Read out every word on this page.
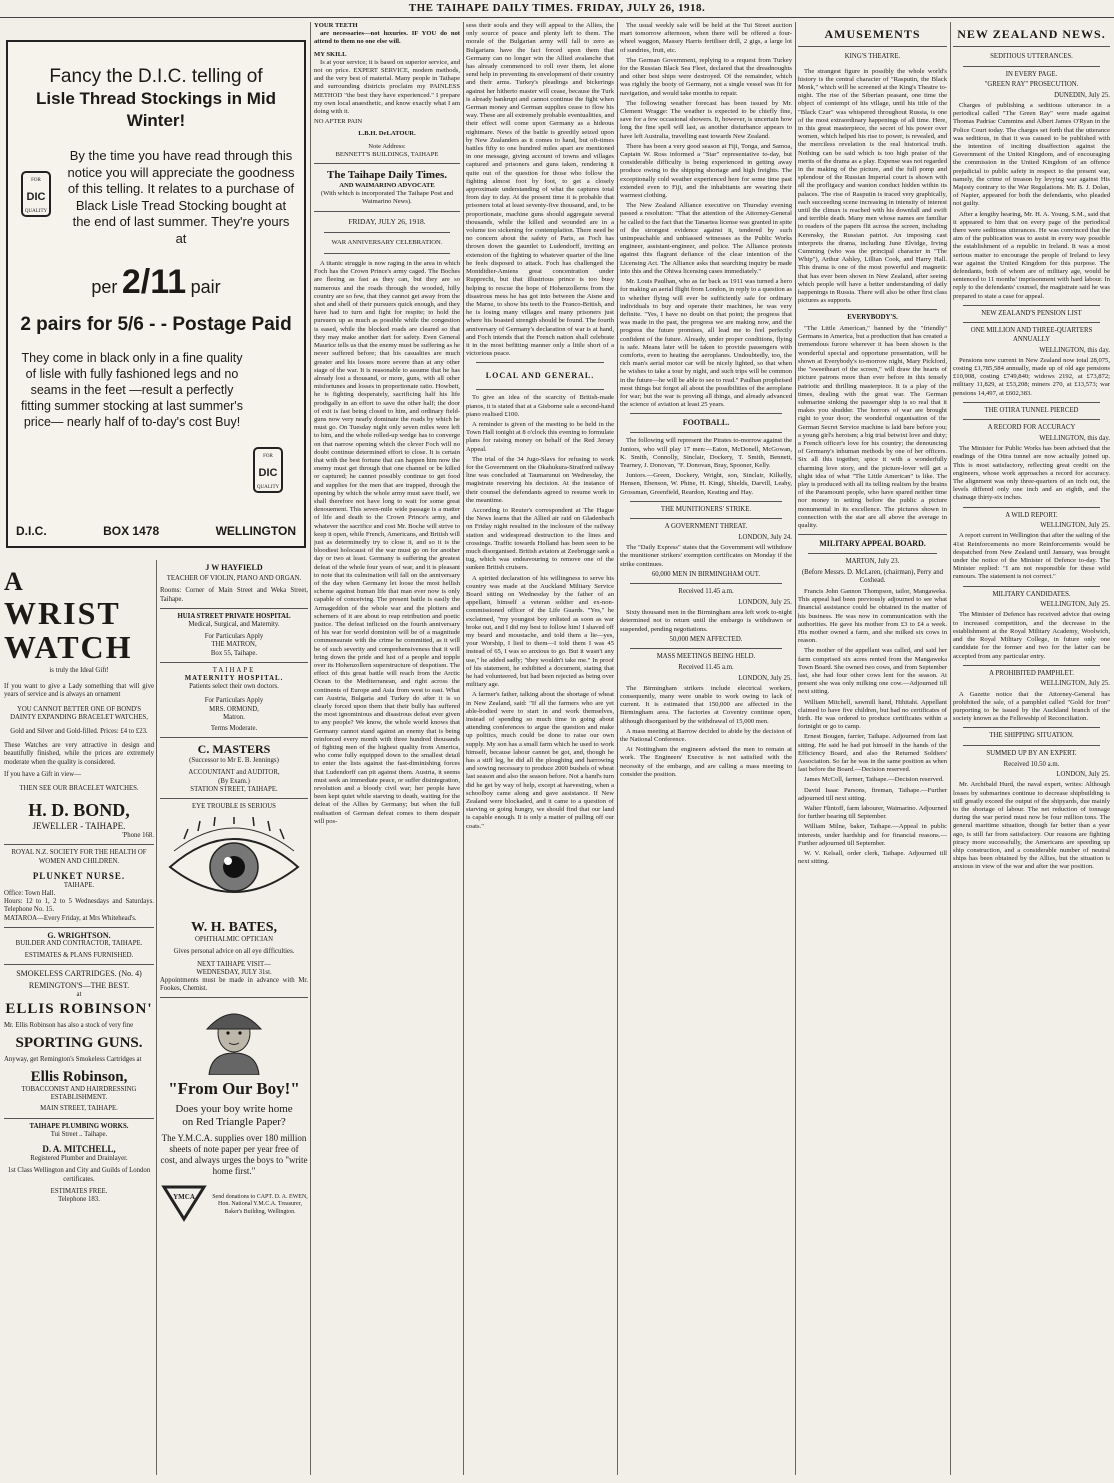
THE TAIHAPE DAILY TIMES. FRIDAY, JULY 26, 1918.
Fancy the D.I.C. telling of
Lisle Thread Stockings in Mid Winter!
DIC
FOR
QUALITY
By the time you have read through this notice you will appreciate the goodness of this telling. It relates to a purchase of Black Lisle Tread Stocking bought at the end of last summer. They're yours at
per 2/11 pair
2 pairs for 5/6 - - Postage Paid
They come in black only in a fine quality of lisle with fully fashioned legs and no seams in the feet —result a perfectly fitting summer stocking at last summer's price— nearly half of to-day's cost Buy!
DIC
FOR
QUALITY
D.I.C.	BOX 1478	WELLINGTON
A
WRIST
WATCH
is truly the Ideal Gift!

If you want to give a Lady something that will give years of service and is always an ornament

YOU CANNOT BETTER ONE OF BOND'S DAINTY EXPANDING BRACELET WATCHES,
Gold and Silver and Gold-filled. Prices: £4 to £23.

These Watches are very attractive in design and beautifully finished, while the prices are extremely moderate when the quality is considered.

If you have a Gift in view—

THEN SEE OUR BRACELET WATCHES.
H. D. BOND,
JEWELLER - TAIHAPE.
'Phone 168.
ROYAL N.Z. SOCIETY FOR THE HEALTH OF WOMEN AND CHILDREN.
PLUNKET NURSE.
TAIHAPE.
Office: Town Hall.
Hours: 12 to 1, 2 to 5 Wednesdays and Saturdays. Telephone No. 15.
MATAROA—Every Friday, at Mrs Whitehead's.
G. WRIGHTSON.
BUILDER AND CONTRACTOR, TAIHAPE.
ESTIMATES & PLANS FURNISHED.
SMOKELESS CARTRIDGES. (No. 4)
REMINGTON'S—THE BEST.
at
ELLIS ROBINSON'

Mr. Ellis Robinson has also a stock of very fine

SPORTING GUNS.

Anyway, get Remington's Smokeless Cartridges at

Ellis Robinson,
TOBACCONIST AND HAIRDRESSING ESTABLISHMENT.
MAIN STREET, TAIHAPE.
TAIHAPE PLUMBING WORKS.
Tui Street .. Taihape.
D. A. MITCHELL,
Registered Plumber and Drainlayer.
1st Class Wellington and City and Guilds of London certificates.
ESTIMATES FREE.
Telephone 183.
J W HAYFIELD
TEACHER OF VIOLIN, PIANO AND ORGAN.

Rooms: Corner of Main Street and Weka Street, Taihape.

HUIA STREET PRIVATE HOSPITAL
Medical, Surgical, and Maternity.
For Particulars Apply
THE MATRON,
Box 55, Taihape.
TAIHAPE
MATERNITY HOSPITAL.
Patients select their own doctors.
For Particulars Apply
MRS. ORMOND,
Matron.
Terms Moderate.
C. MASTERS
(Successor to Mr E. B. Jennings)
ACCOUNTANT and AUDITOR,
(By Exam.)
STATION STREET, TAIHAPE.
EYE TROUBLE IS SERIOUS
W. H. BATES,
OPHTHALMIC OPTICIAN
Gives personal advice on all eye difficulties.
NEXT TAIHAPE VISIT—
WEDNESDAY, JULY 31st.

Appointments must be made in advance with Mr. Fookes, Chemist.

"From Our Boy!"
Does your boy write home on Red Triangle Paper?
The Y.M.C.A. supplies over 180 million sheets of note paper per year free of cost, and always urges the boys to "write home first."
YMCA	Send donations to CAPT. D. A. EWEN, Hon. National Y.M.C.A. Treasurer, Baker's Building, Wellington.
YOUR TEETH

are necessaries—not luxuries. IF YOU do not attend to them no one else will.

MY SKILL

Is at your service; it is based on superior service, and not on price. EXPERT SERVICE, modern methods, and the very best of material. Many people in Taihape and surrounding districts proclaim my PAINLESS METHOD "the best they have experienced." I prepare my own local anaesthetic, and know exactly what I am doing with it.

NO AFTER PAIN
L.B.H. DeLATOUR.
Note Address:
BENNETT'S BUILDINGS, TAIHAPE
The Taihape Daily Times.
AND WAIMARINO ADVOCATE
(With which is incorporated The Taihape Post and Waimarino News).
FRIDAY, JULY 26, 1918.
WAR ANNIVERSARY CELEBRATION.

A titanic struggle is now raging in the area in which Foch has the Crown Prince's army caged. The Boches are fleeing as fast as they can, but they are so numerous and the roads through the wooded, hilly country are so few, that they cannot get away from the shot and shell of their pursuers quick enough, and they have had to turn and fight for respite; to hold the pursuers up as much as possible while the congestion is eased, while the blocked roads are cleared so that they may make another dart for safety. Even General Maurice tells us that the enemy must be suffering as he never suffered before; that his casualties are much greater and his losses more severe than at any other stage of the war. It is reasonable to assume that he has already lost a thousand, or more, guns, with all other misfortunes and losses in proportionate ratio. Howbeit, he is fighting desperately, sacrificing half his life prodigally in an effort to save the other half; the door of exit is fast being closed to him, and ordinary field-guns now very nearly dominate the roads by which he must go. On Tuesday night only seven miles were left to him, and the whole rolled-up wedge has to converge on that narrow opening which the clever Foch will no doubt continue determined effort to close. It is certain that with the best fortune that can happen him now the enemy must get through that one channel or be killed or captured; he cannot possibly continue to get food and supplies for the men that are trapped, through the opening by which the whole army must save itself, we shall therefore not have long to wait for some great denouement. This seven-mile wide passage is a matter of life and death to the Crown Prince's army, and whatever the sacrifice and cost Mr. Boche will strive to keep it open, while French, Americans, and British will just as determinedly try to close it, and so it is the bloodiest holocaust of the war must go on for another day or two at least. Germany is suffering the greatest defeat of the whole four years of war, and it is pleasant to note that its culmination will fall on the anniversary of the day when Germany let loose the most hellish scheme against human life that man ever now is only capable of conceiving. The present battle is easily the Armageddon of the whole war and the plotters and schemers of it are about to reap retribution and poetic justice. The defeat inflicted on the fourth anniversary of his war for world dominion will be of a magnitude commensurate with the crime he committed, as it will be of such severity and comprehensiveness that it will bring down the pride and lust of a people and topple over its Hohenzollern superstructure of despotism. The effect of this great battle will reach from the Arctic Ocean to the Mediterranean, and right across the continents of Europe and Asia from west to east. What can Austria, Bulgaria and Turkey do after it is so clearly forced upon them that their bully has suffered the most ignominious and disastrous defeat ever given to any people? We know, the whole world knows that Germany cannot stand against an enemy that is being reinforced every month with three hundred thousands of fighting men of the highest quality from America, who come fully equipped down to the smallest detail to enter the lists against the fast-diminishing forces that Ludendorff can pit against them. Austria, it seems must seek an immediate peace, or suffer disintegration, revolution and a bloody civil war; her people have been kept quiet while starving to death, waiting for the defeat of the Allies by Germany; but when the full realisation of German defeat comes to them despair will pos-

sess their souls and they will appeal to the Allies, the only source of peace and plenty left to them. The morale of the Bulgarian army will fall to zero as Bulgarians have the fact forced upon them that Germany can no longer win the Allied avalanche that has already commenced to roll over them, let alone send help in preventing its envelopment of their country and their arms. Turkey's pleadings and bickerings against her hitherto master will cease, because the Turk is already bankrupt and cannot continue the fight when German money and German supplies cease to flow his way. These are all extremely probable eventualities, and their effect will come upon Germany as a hideous nightmare. News of the battle is greedily seized upon by New Zealanders as it comes to hand, but oft-times battles fifty to one hundred miles apart are mentioned in one message, giving account of towns and villages captured and prisoners and guns taken, rendering it quite out of the question for those who follow the fighting almost foot by foot, to get a closely approximate understanding of what the captures total from day to day. At the present time it is probable that prisoners total at least seventy-five thousand, and, to be proportionate, machine guns should aggregate several thousands, while the killed and wounded are in a volume too sickening for contemplation. There need be no concern about the safety of Paris, as Foch has thrown down the gauntlet to Ludendorff, inviting an extension of the fighting to whatever quarter of the line he feels disposed to attack. Foch has challenged the Montdidier-Amiens great concentration under Rupprecht, but that illustrious prince is too busy helping to rescue the hope of Hohenzollerns from the disastrous mess he has got into between the Aisne and the Marne, to show his teeth to the Franco-British, and he is losing many villages and many prisoners just where his boasted strength should be found. The fourth anniversary of Germany's declaration of war is at hand, and Foch intends that the French nation shall celebrate it in the most befitting manner only a little short of a victorious peace.

LOCAL AND GENERAL.

To give an idea of the scarcity of British-made pianos, it is stated that at a Gisborne sale a second-hand piano realised £100.

A reminder is given of the meeting to be held in the Town Hall tonight at 8 o'clock this evening to formulate plans for raising money on behalf of the Red Jersey Appeal.

The trial of the 34 Jugo-Slavs for refusing to work for the Government on the Okahukura-Stratford railway line was concluded at Taumarunui on Wednesday, the magistrate reserving his decision. At the instance of their counsel the defendants agreed to resume work in the meantime.

According to Reuter's correspondent at The Hague the News learns that the Allied air raid on Gladenbach on Friday night resulted in the inclosure of the railway station and widespread destruction to the lines and crossings. Traffic towards Holland has been seen to be much disorganised. British aviators at Zeebrugge sank a tug, which was endeavouring to remove one of the sunken British cruisers.

A spirited declaration of his willingness to serve his country was made at the Auckland Military Service Board sitting on Wednesday by the father of an appellant, himself a veteran soldier and ex-non-commissioned officer of the Life Guards. "Yes," he exclaimed, "my youngest boy enlisted as soon as war broke out, and I did my best to follow him! I shaved off my beard and moustache, and told them a lie—yes, your Worship, I lied to them—I told them I was 45 instead of 65, I was so anxious to go. But it wasn't any use," he added sadly; "they wouldn't take me." In proof of his statement, he exhibited a document, stating that he had volunteered, but had been rejected as being over military age.

A farmer's father, talking about the shortage of wheat in New Zealand, said: "If all the farmers who are yet able-bodied were to start in and work themselves, instead of spending so much time in going about attending conferences to argue the question and make up politics, much could be done to raise our own supply. My son has a small farm which he used to work himself, because labour cannot be got, and, though he has a stiff leg, he did all the ploughing and harrowing and sowing necessary to produce 2000 bushels of wheat last season and also the season before. Not a hand's turn did he get by way of help, except at harvesting, when a schoolboy came along and gave assistance. If New Zealand were blockaded, and it came to a question of starving or going hungry, we should find that our land is capable enough. It is only a matter of pulling off our coats."

The usual weekly sale will be held at the Tui Street auction mart tomorrow afternoon, when there will be offered a four-wheel waggon, Massey Harris fertiliser drill, 2 gigs, a large lot of sundries, fruit, etc.

The German Government, replying to a request from Turkey for the Russian Black Sea Fleet, declared that the dreadnoughts and other best ships were destroyed. Of the remainder, which was rightly the booty of Germany, not a single vessel was fit for navigation, and would take months to repair.

The following weather forecast has been issued by Mr. Clement Wragge: The weather is expected to be chiefly fine, save for a few occasional showers. It, however, is uncertain how long the fine spell will last, as another disturbance appears to have left Australia, travelling east towards New Zealand.

There has been a very good season at Fiji, Tonga, and Samoa, Captain W. Ross informed a "Star" representative to-day, but considerable difficulty is being experienced in getting away produce owing to the shipping shortage and high freights. The exceptionally cold weather experienced here for some time past extended even to Fiji, and the inhabitants are wearing their warmest clothing.

The New Zealand Alliance executive on Thursday evening passed a resolution: "That the attention of the Attorney-General be called to the fact that the Tanaetea license was granted in spite of the strongest evidence against it, tendered by such unimpeachable and unbiassed witnesses as the Public Works engineer, assistant-engineer, and police. The Alliance protests against this flagrant defiance of the clear intention of the Licensing Act. The Alliance asks that searching inquiry be made into this and the Ohiwa licensing cases immediately."

Mr. Louis Paulhan, who as far back as 1911 was turned a hero for making an aerial flight from London, in reply to a question as to whether flying will ever be sufficiently safe for ordinary individuals to buy and operate their machines, he was very definite. "Yes, I have no doubt on that point; the progress that was made in the past, the progress we are making now, and the progress the future promises, all lead me to feel perfectly confident of the future. Already, under proper conditions, flying is safe. Means later will be taken to provide passengers with comforts, even to heating the aeroplanes. Undoubtedly, too, the rich man's aerial motor car will be nicely lighted, so that when he wishes to take a tour by night, and such trips will be common in the future—he will be able to see to read." Paulhan propheised most things but forgot all about the possibilities of the aeroplane for war; but the war is proving all things, and already advanced the science of aviation at least 25 years.

FOOTBALL.

The following will represent the Pirates to-morrow against the Juniors, who will play 17 men:—Eaton, McDonell, McGowan, K. Smith, Connolly, Sinclair, Dockery, T. Smith, Bennett, Tearney, J. Donovan, "F. Donovan, Bray, Spooner, Kelly.

Juniors.—Green, Dockery, Wright, son, Sinclair, Kilkelly, Hensen, Ebenson, W. Phine, H. Kingi, Shields, Darvill, Leahy, Grossman, Greenfield, Reardon, Keating and Hay.

THE MUNITIONERS' STRIKE.
A GOVERNMENT THREAT.
LONDON, July 24.

The "Daily Express" states that the Government will withdraw the munitioner strikers' exemption certificates on Monday if the strike continues.

60,000 MEN IN BIRMINGHAM OUT.
Received 11.45 a.m.
LONDON, July 25.

Sixty thousand men in the Birmingham area left work to-night determined not to return until the embargo is withdrawn or suspended, pending negotiations.

50,000 MEN AFFECTED.
MASS MEETINGS BEING HELD.
Received 11.45 a.m.
LONDON, July 25.

The Birmingham strikers include electrical workers, consequently, many were unable to work owing to lack of current. It is estimated that 150,000 are affected in the Birmingham area. The factories at Coventry continue open, although disorganised by the withdrawal of 15,000 men.

A mass meeting at Barrow decided to abide by the decision of the National Conference.

At Nottingham the engineers advised the men to remain at work. The Engineers' Executive is not satisfied with the necessity of the embargo, and are calling a mass meeting to consider the position.

AMUSEMENTS
KING'S THEATRE.

The strangest figure in possibly the whole world's history is the central character of "Rasputin, the Black Monk," which will be screened at the King's Theatre to-night. The rise of the Siberian peasant, one time the object of contempt of his village, until his title of the "Black Czar" was whispered throughout Russia, is one of the most extraordinary happenings of all time. Here, in this great masterpiece, the secret of his power over women, which helped his rise to power, is revealed, and the merciless revelation is the real historical truth. Nothing can be said which is too high praise of the merits of the drama as a play. Expense was not regarded in the making of the picture, and the full pomp and splendour of the Russian Imperial court is shown with all the profligacy and wanton conduct hidden within its palaces. The rise of Rasputin is traced very graphically, each succeeding scene increasing in intensity of interest until the climax is reached with his downfall and swift and terrible death. Many men whose names are familiar to readers of the papers flit across the screen, including Kerensky, the Russian patriot. An imposing cast interprets the drama, including June Elvidge, Irving Cumming (who was the principal character in "The Whip"), Arthur Ashley, Lillian Cook, and Harry Hall. This drama is one of the most powerful and magnetic that has ever been shown in New Zealand, after seeing which people will have a better understanding of daily happenings in Russia. There will also be other first class pictures as supports.

EVERYBODY'S.

"The Little American," banned by the "friendly" Germans in America, but a production that has created a tremendous furore wherever it has been shown is the wonderful special and opportune presentation, will be shown at Everybody's to-morrow night, Mary Pickford, the "sweetheart of the screen," will draw the hearts of picture patrons more than ever before in this tensely patriotic and thrilling masterpiece. It is a play of the times, dealing with the great war. The German submarine sinking the passenger ship is so real that it makes you shudder. The horrors of war are brought right to your door; the wonderful organisation of the German Secret Service machine is laid bare before you; a young girl's heroism; a big trial betwixt love and duty; a French officer's love for his country; the denouncing of Germany's inhuman methods by one of her officers. Six all this together, spice it with a wonderfully charming love story, and the picture-lover will get a slight idea of what "The Little American" is like. The play is produced with all its telling realism by the brains of the Paramount people, who have spared neither time nor money in setting before the public a picture monumental in its excellence. The pictures shown in connection with the star are all above the average in quality.

MILITARY APPEAL BOARD.
MARTON, July 23.
(Before Messrs. D. McLaren, (chairman), Perry and Coxhead.

Francis John Gannon Thompson, tailor, Mangaweka. This appeal had been previously adjourned to see what financial assistance could be obtained in the matter of his business. He was now in communication with the authorities. He gave his mother from £3 to £4 a week. His mother owned a farm, and she milked six cows in reason.

The mother of the appellant was called, and said her farm comprised six acres rented from the Mangaweka Town Board. She owned two cows, and from September last, she had four other cows lent for the season. At present she was only milking one cow.—Adjourned till next sitting.

William Mitchell, sawmill hand, Hihitahi. Appellant claimed to have five children, but had no certificates of birth. He was ordered to produce certificates within a fortnight or go to camp.

Ernest Bougen, farrier, Taihape. Adjourned from last sitting. He said he had put himself in the hands of the Efficiency Board, and also the Returned Soldiers' Association. So far he was in the same position as when last before the Board.—Decision reserved.

James McColl, farmer, Taihape.—Decision reserved.

David Isaac Parsons, fireman, Taihape.—Further adjourned till next sitting.

Walter Flintoff, farm labourer, Waimarino. Adjourned for further hearing till September.

William Milne, baker, Taihape.—Appeal in public interests, under hardship and for financial reasons.—Further adjourned till September.

W. V. Kelsall, order clerk, Taihape. Adjourned till next sitting.

NEW ZEALAND NEWS.
SEDITIOUS UTTERANCES.
IN EVERY PAGE.
"GREEN RAY" PROSECUTION.
DUNEDIN, July 25.

Charges of publishing a seditious utterance in a periodical called "The Green Ray" were made against Thomas Padriac Cummins and Albert James O'Ryan in the Police Court today. The charges set forth that the utterance was seditious, in that it was caused to be published with the intention of inciting disaffection against the Government of the United Kingdom, and of encouraging the commission in the United Kingdom of an offence prejudicial to public safety in respect to the present war, namely, the crime of treason by levying war against His Majesty contrary to the War Regulations. Mr. B. J. Dolan, of Napier, appeared for both the defendants, who pleaded not guilty.

After a lengthy hearing, Mr. H. A. Young, S.M., said that it appeared to him that on every page of the periodical there were seditious utterances. He was convinced that the aim of the publication was to assist in every way possible the establishment of a republic in Ireland. It was a most serious matter to encourage the people of Ireland to levy war against the United Kingdom for this purpose. The defendants, both of whom are of military age, would be sentenced to 11 months' imprisonment with hard labour. In reply to the defendants' counsel, the magistrate said he was prepared to state a case for appeal.

NEW ZEALAND'S PENSION LIST
ONE MILLION AND THREE-QUARTERS ANNUALLY
WELLINGTON, this day.

Pensions now current in New Zealand now total 28,075, costing £1,785,584 annually, made up of old age pensions £10,908, costing £749,840; widows 2192, at £73,872; military 11,829, at £53,208; miners 270, at £13,573; war pensions 14,497, at £602,383.

THE OTIRA TUNNEL PIERCED
A RECORD FOR ACCURACY
WELLINGTON, this day.

The Minister for Public Works has been advised that the readings of the Otira tunnel are now actually joined up. This is most satisfactory, reflecting great credit on the engineers, whose work approaches a record for accuracy. The alignment was only three-quarters of an inch out, the levels differed only one inch and an eighth, and the chainage thirty-six inches.

A WILD REPORT.
WELLINGTON, July 25.

A report current in Wellington that after the sailing of the 41st Reinforcements no more Reinforcements would be despatched from New Zealand until January, was brought under the notice of the Minister of Defence to-day. The Minister replied: "I am not responsible for these wild rumours. The statement is not correct."

MILITARY CANDIDATES.
WELLINGTON, July 25.

The Minister of Defence has received advice that owing to increased competition, and the decrease in the establishment at the Royal Military Academy, Woolwich, and the Royal Military College, in future only one candidate for the former and two for the latter can be accepted from any particular entry.

A PROHIBITED PAMPHLET.
WELLINGTON, July 25.

A Gazette notice that the Attorney-General has prohibited the sale, of a pamphlet called "Gold for Iron" purporting to be issued by the Auckland branch of the society known as the Fellowship of Reconciliation.

THE SHIPPING SITUATION.
SUMMED UP BY AN EXPERT.
Received 10.50 a.m.
LONDON, July 25.

Mr. Archibald Hurd, the naval expert, writes: Although losses by submarines continue to decrease shipbuilding is still greatly exceed the output of the shipyards, due mainly to the shortage of labour. The net reduction of tonnage during the war period must now be four million tons. The general maritime situation, though far better than a year ago, is still far from satisfactory. Our reasons are fighting piracy more successfully, the Americans are speeding up ship construction, and a considerable number of neutral ships has been obtained by the Allies, but the situation is anxious in view of the war and after the war position.
